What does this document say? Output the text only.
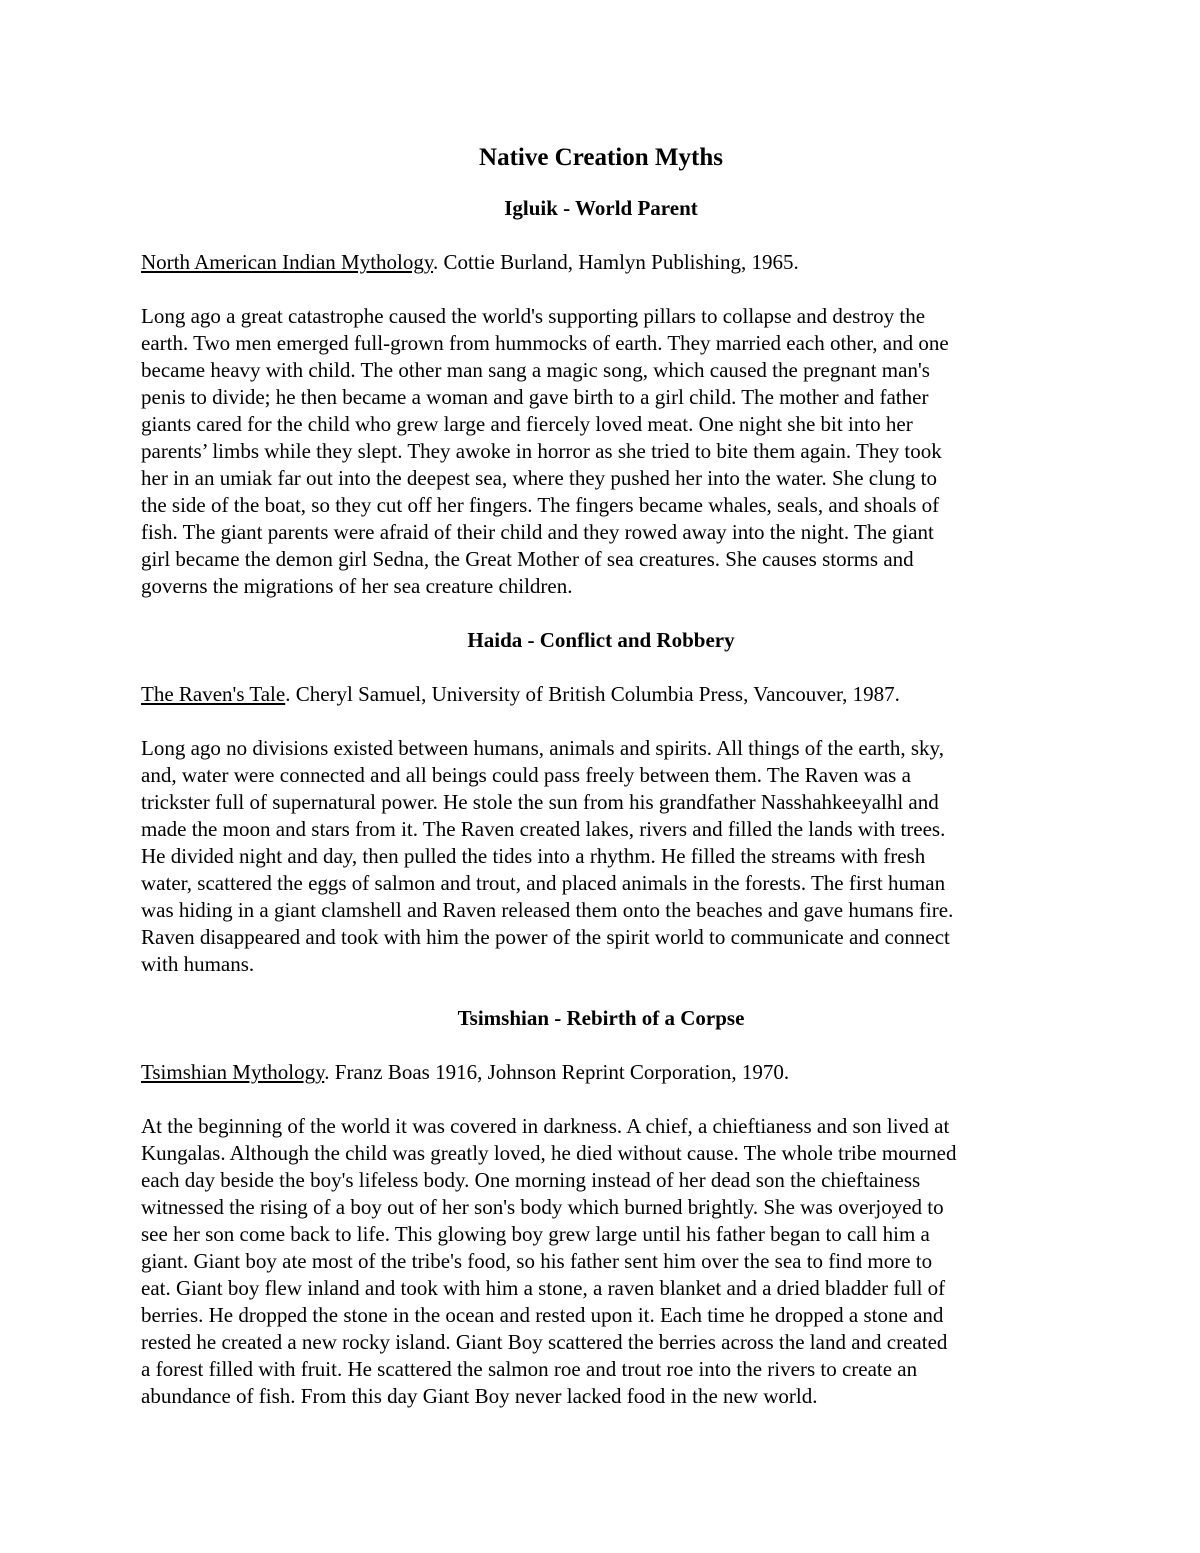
Native Creation Myths
Igluik - World Parent

North American Indian Mythology. Cottie Burland, Hamlyn Publishing, 1965.

Long ago a great catastrophe caused the world's supporting pillars to collapse and destroy the
earth. Two men emerged full-grown from hummocks of earth. They married each other, and one
became heavy with child. The other man sang a magic song, which caused the pregnant man's
penis to divide; he then became a woman and gave birth to a girl child. The mother and father
giants cared for the child who grew large and fiercely loved meat. One night she bit into her
parents’ limbs while they slept. They awoke in horror as she tried to bite them again. They took
her in an umiak far out into the deepest sea, where they pushed her into the water. She clung to
the side of the boat, so they cut off her fingers. The fingers became whales, seals, and shoals of
fish. The giant parents were afraid of their child and they rowed away into the night. The giant
girl became the demon girl Sedna, the Great Mother of sea creatures. She causes storms and
governs the migrations of her sea creature children.

Haida - Conflict and Robbery

The Raven's Tale. Cheryl Samuel, University of British Columbia Press, Vancouver, 1987.

Long ago no divisions existed between humans, animals and spirits. All things of the earth, sky,
and, water were connected and all beings could pass freely between them. The Raven was a
trickster full of supernatural power. He stole the sun from his grandfather Nasshahkeeyalhl and
made the moon and stars from it. The Raven created lakes, rivers and filled the lands with trees.
He divided night and day, then pulled the tides into a rhythm. He filled the streams with fresh
water, scattered the eggs of salmon and trout, and placed animals in the forests. The first human
was hiding in a giant clamshell and Raven released them onto the beaches and gave humans fire.
Raven disappeared and took with him the power of the spirit world to communicate and connect
with humans.

Tsimshian - Rebirth of a Corpse

Tsimshian Mythology. Franz Boas 1916, Johnson Reprint Corporation, 1970.

At the beginning of the world it was covered in darkness. A chief, a chieftianess and son lived at
Kungalas. Although the child was greatly loved, he died without cause. The whole tribe mourned
each day beside the boy's lifeless body. One morning instead of her dead son the chieftainess
witnessed the rising of a boy out of her son's body which burned brightly. She was overjoyed to
see her son come back to life. This glowing boy grew large until his father began to call him a
giant. Giant boy ate most of the tribe's food, so his father sent him over the sea to find more to
eat. Giant boy flew inland and took with him a stone, a raven blanket and a dried bladder full of
berries. He dropped the stone in the ocean and rested upon it. Each time he dropped a stone and
rested he created a new rocky island. Giant Boy scattered the berries across the land and created
a forest filled with fruit. He scattered the salmon roe and trout roe into the rivers to create an
abundance of fish. From this day Giant Boy never lacked food in the new world.
